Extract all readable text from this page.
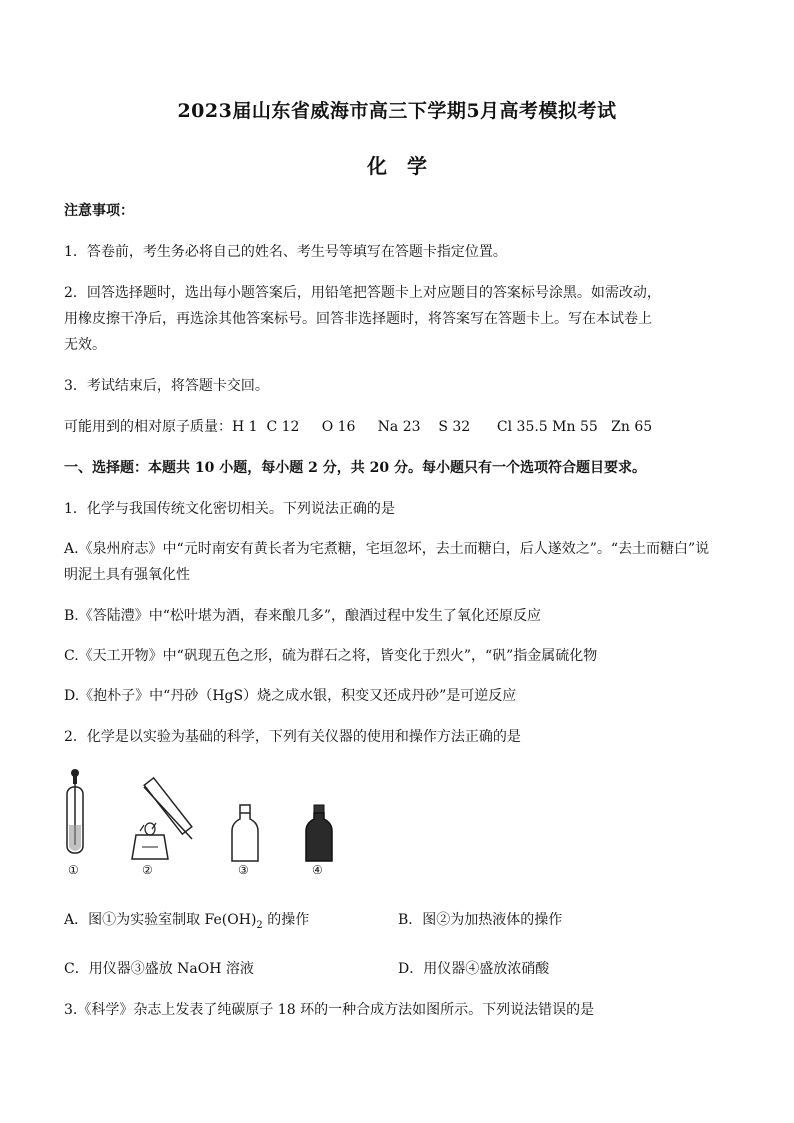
2023届山东省威海市高三下学期5月高考模拟考试
化　学
注意事项：
1．答卷前，考生务必将自己的姓名、考生号等填写在答题卡指定位置。
2．回答选择题时，选出每小题答案后，用铅笔把答题卡上对应题目的答案标号涂黑。如需改动，
用橡皮擦干净后，再选涂其他答案标号。回答非选择题时，将答案写在答题卡上。写在本试卷上
无效。
3．考试结束后，将答题卡交回。
可能用到的相对原子质量：H 1  C 12     O 16     Na 23    S 32      Cl 35.5 Mn 55   Zn 65
一、选择题：本题共 10 小题，每小题 2 分，共 20 分。每小题只有一个选项符合题目要求。
1．化学与我国传统文化密切相关。下列说法正确的是
A.《泉州府志》中“元时南安有黄长者为宅煮糖，宅垣忽坏，去土而糖白，后人遂效之”。“去土而糖白”说
明泥土具有强氧化性
B.《答陆澧》中“松叶堪为酒，春来酿几多”，酿酒过程中发生了氧化还原反应
C.《天工开物》中“矾现五色之形，硫为群石之将，皆变化于烈火”，“矾”指金属硫化物
D.《抱朴子》中“丹砂（HgS）烧之成水银，积变又还成丹砂”是可逆反应
2．化学是以实验为基础的科学，下列有关仪器的使用和操作方法正确的是
①	②	③	④
A．图①为实验室制取 $Fe(OH)_2$ 的操作	B．图②为加热液体的操作
C．用仪器③盛放 NaOH 溶液	D．用仪器④盛放浓硝酸
3.《科学》杂志上发表了纯碳原子 18 环的一种合成方法如图所示。下列说法错误的是
